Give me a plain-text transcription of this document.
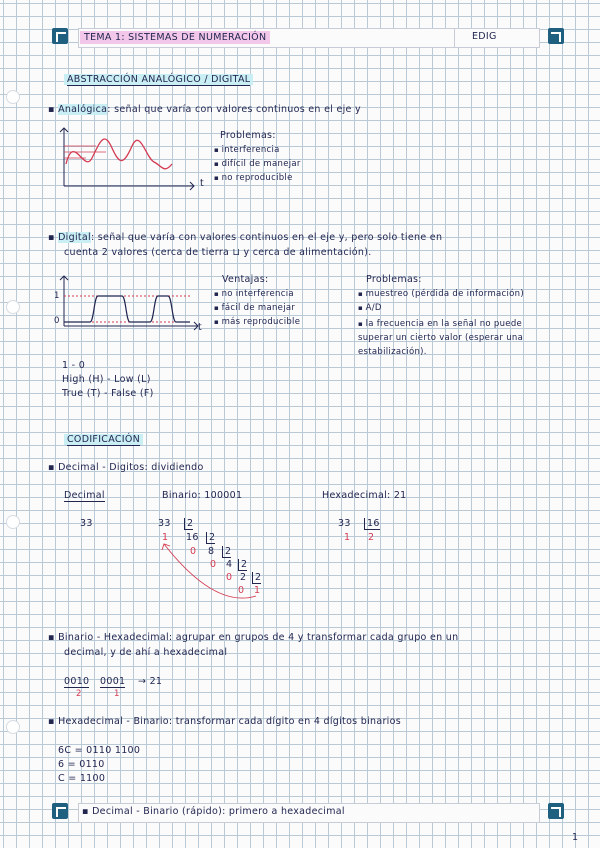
TEMA 1: SISTEMAS DE NUMERACIÓN	EDIG
ABSTRACCIÓN ANALÓGICO / DIGITAL
▪ Analógica: señal que varía con valores continuos en el eje y
t
Problemas:
▪ interferencia
▪ difícil de manejar
▪ no reproducible
▪ Digital: señal que varía con valores continuos en el eje y, pero solo tiene en
cuenta 2 valores (cerca de tierra ⊔ y cerca de alimentación).
1
0
t
Ventajas:
▪ no interferencia
▪ fácil de manejar
▪ más reproducible
Problemas:
▪ muestreo (pérdida de información)
▪ A/D
▪ la frecuencia en la señal no puede superar un cierto valor (esperar una estabilización).
1 - 0
High (H) - Low (L)
True (T) - False (F)
CODIFICACIÓN
▪ Decimal - Digitos: dividiendo
Decimal	Binario: 100001	Hexadecimal: 21
33	33	2
1 16	2
0 8	2
0 4 2
0 2 2
0 1
33	16
1 2
▪ Binario - Hexadecimal: agrupar en grupos de 4 y transformar cada grupo en un
decimal, y de ahí a hexadecimal
0010 0001 → 21
2	1
▪ Hexadecimal - Binario: transformar cada dígito en 4 dígitos binarios
6C = 0110 1100
6 = 0110
C = 1100
▪ Decimal - Binario (rápido): primero a hexadecimal
1
